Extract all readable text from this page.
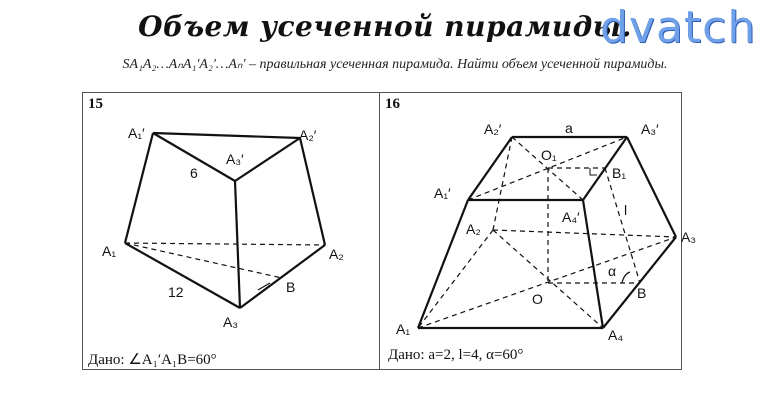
Объем усеченной пирамиды.
dvatch
SA₁A₂…AₙA₁′A₂′…Aₙ′ – правильная усеченная пирамида. Найти объем усеченной пирамиды.
15	16
Дано: ∠A₁′A₁B=60°	Дано: a=2, l=4, α=60°
A₁′	A₂′
A₃′
6
A₁	A₂
12	B
A₃
A₂′	a	A₃′
O₁
B₁
A₁′
A₄′	l
A₂	A₃
α
B
O
A₁	A₄
